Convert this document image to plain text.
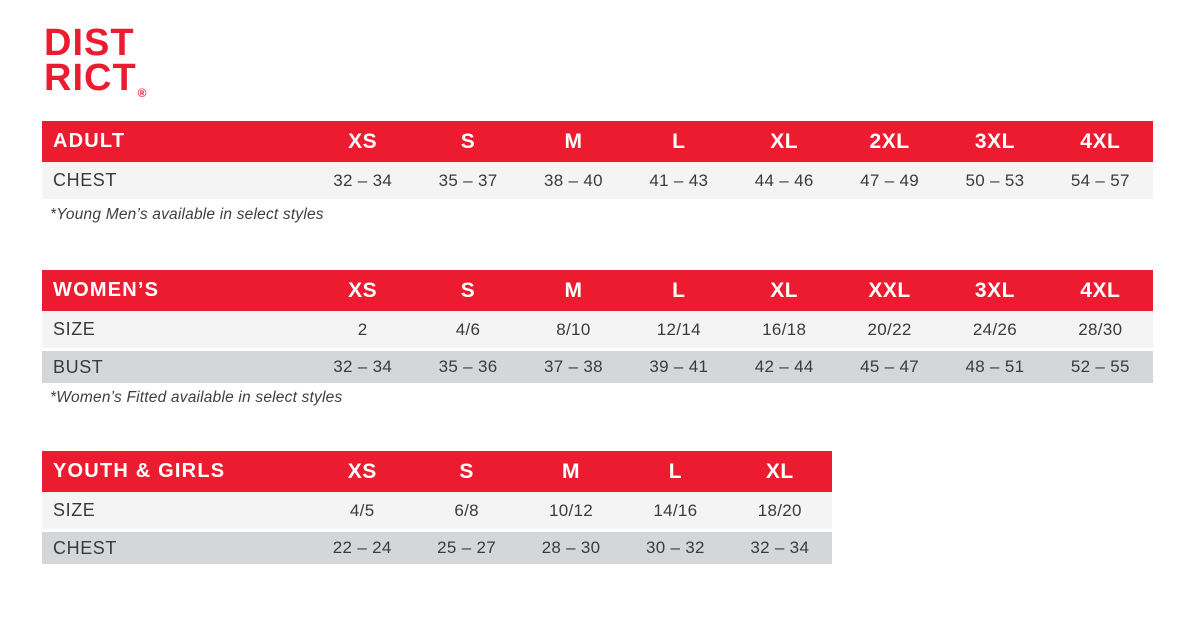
DIST
RICT®
ADULT	XS	S	M	L	XL	2XL	3XL	4XL
CHEST	32 – 34	35 – 37	38 – 40	41 – 43	44 – 46	47 – 49	50 – 53	54 – 57
*Young Men’s available in select styles
WOMEN’S	XS	S	M	L	XL	XXL	3XL	4XL
SIZE	2	4/6	8/10	12/14	16/18	20/22	24/26	28/30
BUST	32 – 34	35 – 36	37 – 38	39 – 41	42 – 44	45 – 47	48 – 51	52 – 55
*Women’s Fitted available in select styles
YOUTH & GIRLS	XS	S	M	L	XL
SIZE	4/5	6/8	10/12	14/16	18/20
CHEST	22 – 24	25 – 27	28 – 30	30 – 32	32 – 34
